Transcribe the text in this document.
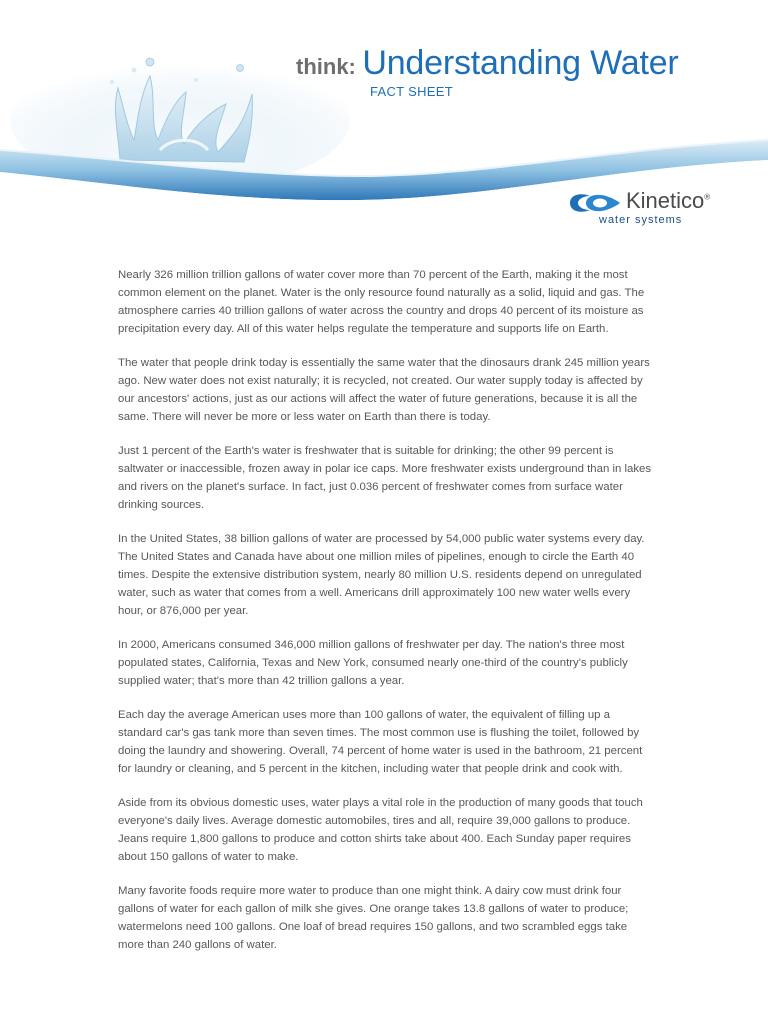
think: Understanding Water
FACT SHEET
Kinetico®
water systems

Nearly 326 million trillion gallons of water cover more than 70 percent of the Earth, making it the most common element on the planet. Water is the only resource found naturally as a solid, liquid and gas. The atmosphere carries 40 trillion gallons of water across the country and drops 40 percent of its moisture as precipitation every day. All of this water helps regulate the temperature and supports life on Earth.

The water that people drink today is essentially the same water that the dinosaurs drank 245 million years ago. New water does not exist naturally; it is recycled, not created. Our water supply today is affected by our ancestors' actions, just as our actions will affect the water of future generations, because it is all the same. There will never be more or less water on Earth than there is today.

Just 1 percent of the Earth's water is freshwater that is suitable for drinking; the other 99 percent is saltwater or inaccessible, frozen away in polar ice caps. More freshwater exists underground than in lakes and rivers on the planet's surface. In fact, just 0.036 percent of freshwater comes from surface water drinking sources.

In the United States, 38 billion gallons of water are processed by 54,000 public water systems every day. The United States and Canada have about one million miles of pipelines, enough to circle the Earth 40 times. Despite the extensive distribution system, nearly 80 million U.S. residents depend on unregulated water, such as water that comes from a well. Americans drill approximately 100 new water wells every hour, or 876,000 per year.

In 2000, Americans consumed 346,000 million gallons of freshwater per day. The nation's three most populated states, California, Texas and New York, consumed nearly one-third of the country's publicly supplied water; that's more than 42 trillion gallons a year.

Each day the average American uses more than 100 gallons of water, the equivalent of filling up a standard car's gas tank more than seven times. The most common use is flushing the toilet, followed by doing the laundry and showering. Overall, 74 percent of home water is used in the bathroom, 21 percent for laundry or cleaning, and 5 percent in the kitchen, including water that people drink and cook with.

Aside from its obvious domestic uses, water plays a vital role in the production of many goods that touch everyone's daily lives. Average domestic automobiles, tires and all, require 39,000 gallons to produce. Jeans require 1,800 gallons to produce and cotton shirts take about 400. Each Sunday paper requires about 150 gallons of water to make.

Many favorite foods require more water to produce than one might think. A dairy cow must drink four gallons of water for each gallon of milk she gives. One orange takes 13.8 gallons of water to produce; watermelons need 100 gallons. One loaf of bread requires 150 gallons, and two scrambled eggs take more than 240 gallons of water.
